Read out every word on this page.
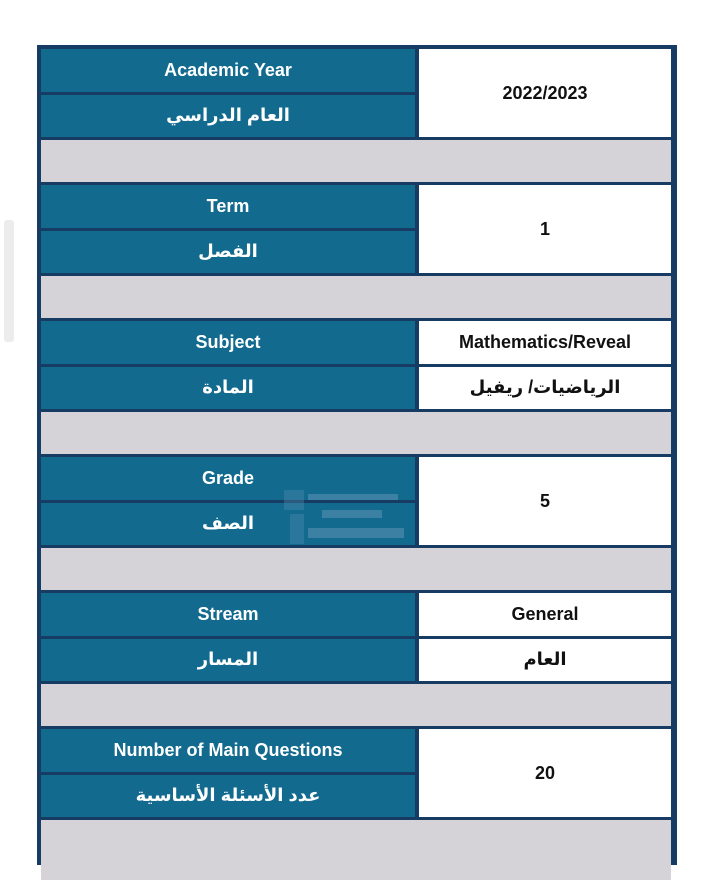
Academic Year
العام الدراسي
2022/2023
Term
الفصل
1
Subject
المادة
Mathematics/Reveal
الرياضيات/ ريفيل
Grade
الصف
5
Stream
المسار
General
العام
Number of Main Questions
عدد الأسئلة الأساسية
20
